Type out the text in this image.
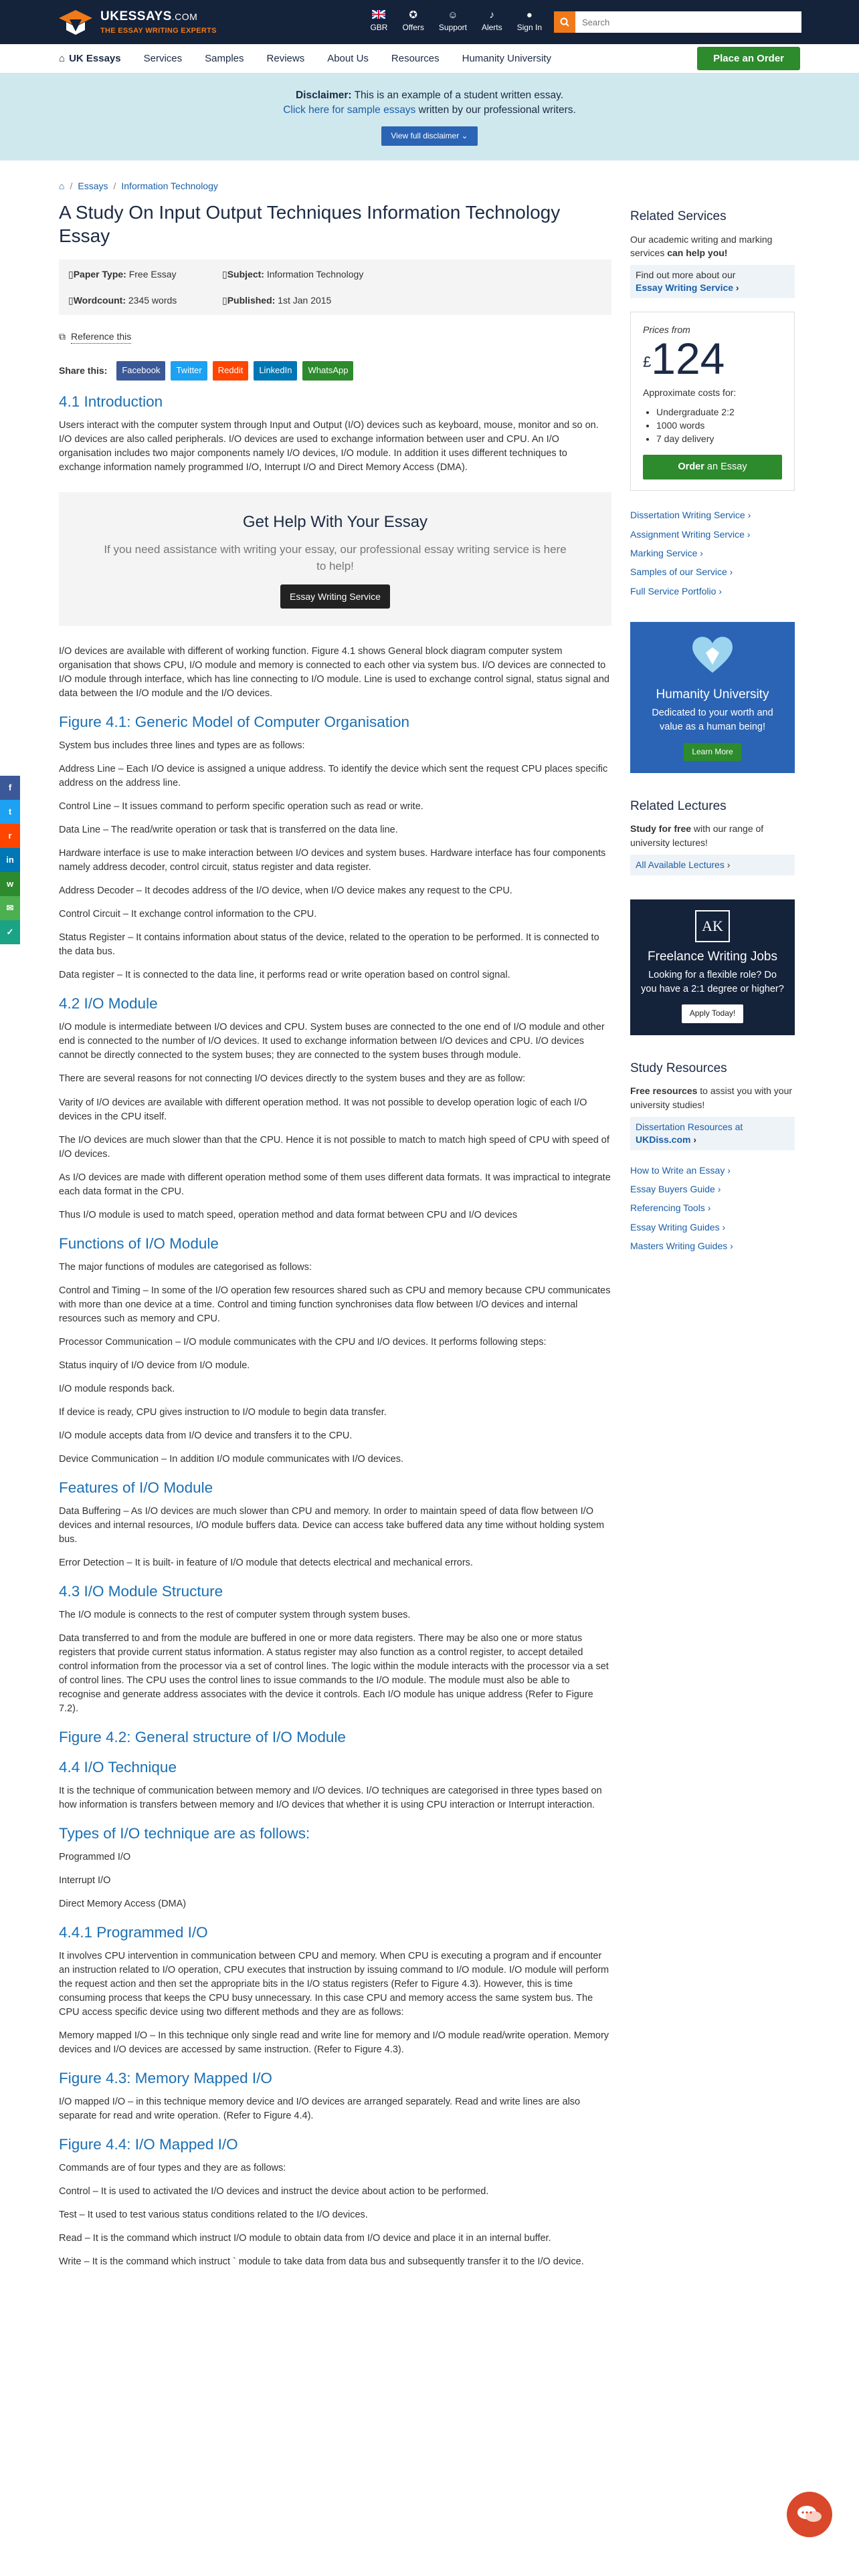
UKESSAYS.COM
THE ESSAY WRITING EXPERTS	GBR
✪
Offers
☺
Support
♪
Alerts
●
Sign In
Search
⌂ UK Essays Services Samples Reviews About Us Resources Humanity University	Place an Order
Disclaimer: This is an example of a student written essay.
Click here for sample essays written by our professional writers.
View full disclaimer ⌄
⌂ / Essays / Information Technology
A Study On Input Output Techniques Information Technology Essay
▯Paper Type: Free Essay	▯Subject: Information Technology
▯Wordcount: 2345 words	▯Published: 1st Jan 2015
⧉ Reference this
Share this:	Facebook	Twitter	Reddit	LinkedIn	WhatsApp
4.1 Introduction

Users interact with the computer system through Input and Output (I/O) devices such as keyboard, mouse, monitor and so on. I/O devices are also called peripherals. I/O devices are used to exchange information between user and CPU. An I/O organisation includes two major components namely I/O devices, I/O module. In addition it uses different techniques to exchange information namely programmed I/O, Interrupt I/O and Direct Memory Access (DMA).

Get Help With Your Essay

If you need assistance with writing your essay, our professional essay writing service is here to help!

Essay Writing Service

I/O devices are available with different of working function. Figure 4.1 shows General block diagram computer system organisation that shows CPU, I/O module and memory is connected to each other via system bus. I/O devices are connected to I/O module through interface, which has line connecting to I/O module. Line is used to exchange control signal, status signal and data between the I/O module and the I/O devices.

Figure 4.1: Generic Model of Computer Organisation

System bus includes three lines and types are as follows:

Address Line – Each I/O device is assigned a unique address. To identify the device which sent the request CPU places specific address on the address line.

Control Line – It issues command to perform specific operation such as read or write.

Data Line – The read/write operation or task that is transferred on the data line.

Hardware interface is use to make interaction between I/O devices and system buses. Hardware interface has four components namely address decoder, control circuit, status register and data register.

Address Decoder – It decodes address of the I/O device, when I/O device makes any request to the CPU.

Control Circuit – It exchange control information to the CPU.

Status Register – It contains information about status of the device, related to the operation to be performed. It is connected to the data bus.

Data register – It is connected to the data line, it performs read or write operation based on control signal.

4.2 I/O Module

I/O module is intermediate between I/O devices and CPU. System buses are connected to the one end of I/O module and other end is connected to the number of I/O devices. It used to exchange information between I/O devices and CPU. I/O devices cannot be directly connected to the system buses; they are connected to the system buses through module.

There are several reasons for not connecting I/O devices directly to the system buses and they are as follow:

Varity of I/O devices are available with different operation method. It was not possible to develop operation logic of each I/O devices in the CPU itself.

The I/O devices are much slower than that the CPU. Hence it is not possible to match to match high speed of CPU with speed of I/O devices.

As I/O devices are made with different operation method some of them uses different data formats. It was impractical to integrate each data format in the CPU.

Thus I/O module is used to match speed, operation method and data format between CPU and I/O devices

Functions of I/O Module

The major functions of modules are categorised as follows:

Control and Timing – In some of the I/O operation few resources shared such as CPU and memory because CPU communicates with more than one device at a time. Control and timing function synchronises data flow between I/O devices and internal resources such as memory and CPU.

Processor Communication – I/O module communicates with the CPU and I/O devices. It performs following steps:

Status inquiry of I/O device from I/O module.

I/O module responds back.

If device is ready, CPU gives instruction to I/O module to begin data transfer.

I/O module accepts data from I/O device and transfers it to the CPU.

Device Communication – In addition I/O module communicates with I/O devices.

Features of I/O Module

Data Buffering – As I/O devices are much slower than CPU and memory. In order to maintain speed of data flow between I/O devices and internal resources, I/O module buffers data. Device can access take buffered data any time without holding system bus.

Error Detection – It is built- in feature of I/O module that detects electrical and mechanical errors.

4.3 I/O Module Structure

The I/O module is connects to the rest of computer system through system buses.

Data transferred to and from the module are buffered in one or more data registers. There may be also one or more status registers that provide current status information. A status register may also function as a control register, to accept detailed control information from the processor via a set of control lines. The logic within the module interacts with the processor via a set of control lines. The CPU uses the control lines to issue commands to the I/O module. The module must also be able to recognise and generate address associates with the device it controls. Each I/O module has unique address (Refer to Figure 7.2).

Figure 4.2: General structure of I/O Module
4.4 I/O Technique

It is the technique of communication between memory and I/O devices. I/O techniques are categorised in three types based on how information is transfers between memory and I/O devices that whether it is using CPU interaction or Interrupt interaction.

Types of I/O technique are as follows:

Programmed I/O

Interrupt I/O

Direct Memory Access (DMA)

4.4.1 Programmed I/O

It involves CPU intervention in communication between CPU and memory. When CPU is executing a program and if encounter an instruction related to I/O operation, CPU executes that instruction by issuing command to I/O module. I/O module will perform the request action and then set the appropriate bits in the I/O status registers (Refer to Figure 4.3). However, this is time consuming process that keeps the CPU busy unnecessary. In this case CPU and memory access the same system bus. The CPU access specific device using two different methods and they are as follows:

Memory mapped I/O – In this technique only single read and write line for memory and I/O module read/write operation. Memory devices and I/O devices are accessed by same instruction. (Refer to Figure 4.3).

Figure 4.3: Memory Mapped I/O

I/O mapped I/O – in this technique memory device and I/O devices are arranged separately. Read and write lines are also separate for read and write operation. (Refer to Figure 4.4).

Figure 4.4: I/O Mapped I/O

Commands are of four types and they are as follows:

Control – It is used to activated the I/O devices and instruct the device about action to be performed.

Test – It used to test various status conditions related to the I/O devices.

Read – It is the command which instruct I/O module to obtain data from I/O device and place it in an internal buffer.

Write – It is the command which instruct ` module to take data from data bus and subsequently transfer it to the I/O device.

Related Services
Our academic writing and marking services can help you!
Find out more about our
Essay Writing Service ›
Prices from
£124
Approximate costs for:
• Undergraduate 2:2
• 1000 words
• 7 day delivery
Order an Essay
Dissertation Writing Service ›
Assignment Writing Service ›
Marking Service ›
Samples of our Service ›
Full Service Portfolio ›
Humanity University
Dedicated to your worth and value as a human being!
Learn More
Related Lectures
Study for free with our range of university lectures!
All Available Lectures ›
AK
Freelance Writing Jobs
Looking for a flexible role? Do you have a 2:1 degree or higher?
Apply Today!
Study Resources
Free resources to assist you with your university studies!
Dissertation Resources at
UKDiss.com ›
How to Write an Essay ›
Essay Buyers Guide ›
Referencing Tools ›
Essay Writing Guides ›
Masters Writing Guides ›
f
t
r
in
w
✉
✓
